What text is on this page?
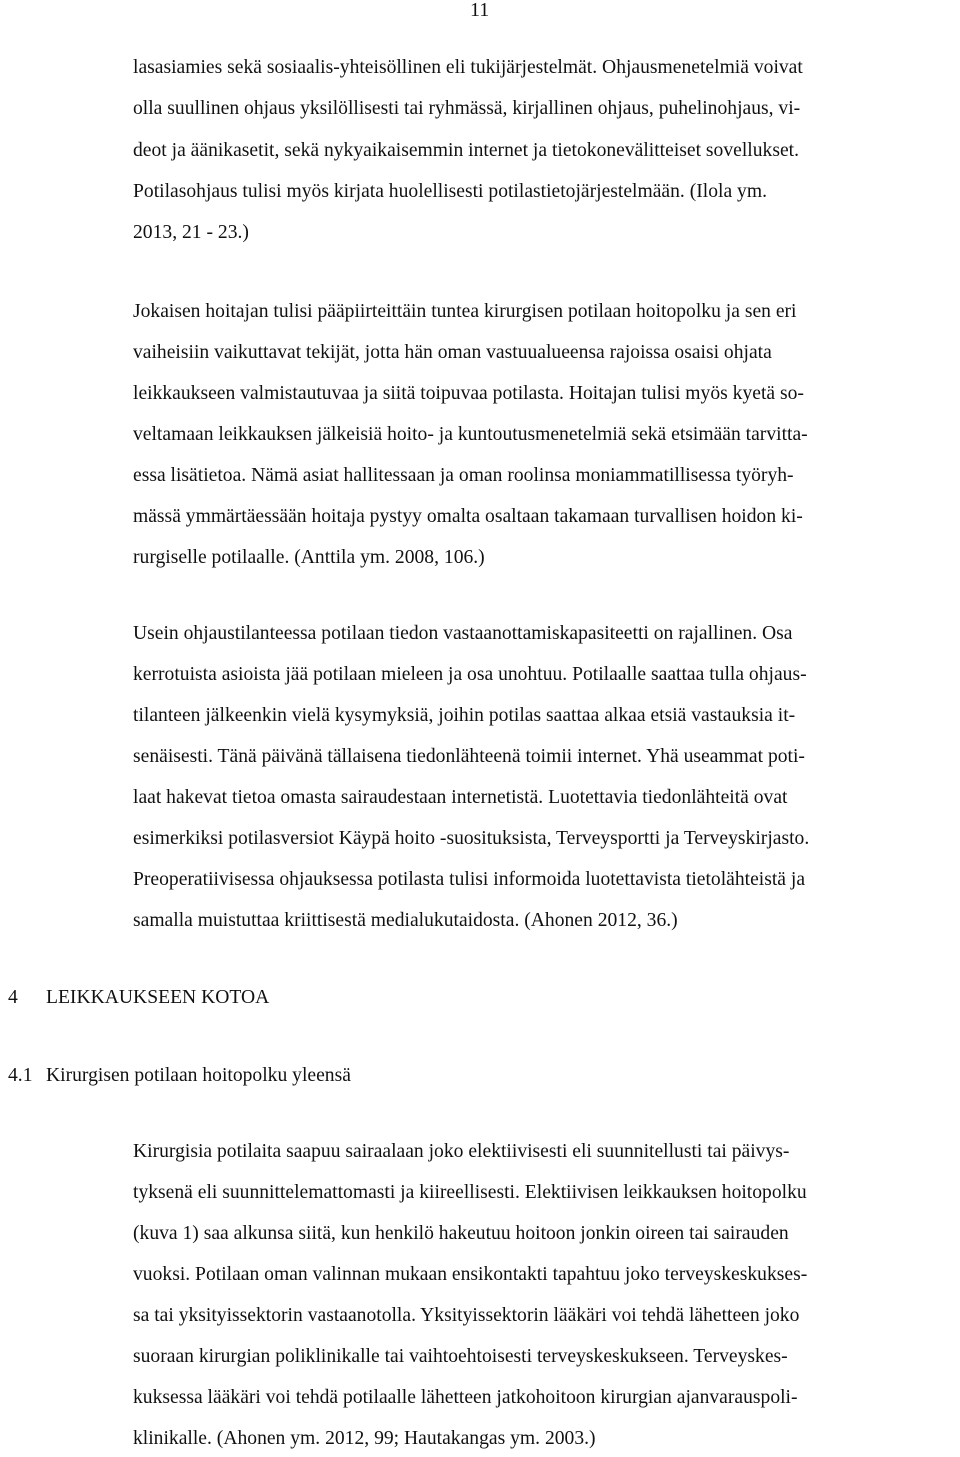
11
lasasiamies sekä sosiaalis-yhteisöllinen eli tukijärjestelmät. Ohjausmenetelmiä voivat
olla suullinen ohjaus yksilöllisesti tai ryhmässä, kirjallinen ohjaus, puhelinohjaus, vi-
deot ja äänikasetit, sekä nykyaikaisemmin internet ja tietokonevälitteiset sovellukset.
Potilasohjaus tulisi myös kirjata huolellisesti potilastietojärjestelmään. (Ilola ym.
2013, 21 - 23.)
Jokaisen hoitajan tulisi pääpiirteittäin tuntea kirurgisen potilaan hoitopolku ja sen eri
vaiheisiin vaikuttavat tekijät, jotta hän oman vastuualueensa rajoissa osaisi ohjata
leikkaukseen valmistautuvaa ja siitä toipuvaa potilasta. Hoitajan tulisi myös kyetä so-
veltamaan leikkauksen jälkeisiä hoito- ja kuntoutusmenetelmiä sekä etsimään tarvitta-
essa lisätietoa. Nämä asiat hallitessaan ja oman roolinsa moniammatillisessa työryh-
mässä ymmärtäessään hoitaja pystyy omalta osaltaan takamaan turvallisen hoidon ki-
rurgiselle potilaalle. (Anttila ym. 2008, 106.)
Usein ohjaustilanteessa potilaan tiedon vastaanottamiskapasiteetti on rajallinen. Osa
kerrotuista asioista jää potilaan mieleen ja osa unohtuu. Potilaalle saattaa tulla ohjaus-
tilanteen jälkeenkin vielä kysymyksiä, joihin potilas saattaa alkaa etsiä vastauksia it-
senäisesti. Tänä päivänä tällaisena tiedonlähteenä toimii internet. Yhä useammat poti-
laat hakevat tietoa omasta sairaudestaan internetistä. Luotettavia tiedonlähteitä ovat
esimerkiksi potilasversiot Käypä hoito -suosituksista, Terveysportti ja Terveyskirjasto.
Preoperatiivisessa ohjauksessa potilasta tulisi informoida luotettavista tietolähteistä ja
samalla muistuttaa kriittisestä medialukutaidosta. (Ahonen 2012, 36.)
4 LEIKKAUKSEEN KOTOA
4.1 Kirurgisen potilaan hoitopolku yleensä
Kirurgisia potilaita saapuu sairaalaan joko elektiivisesti eli suunnitellusti tai päivys-
tyksenä eli suunnittelemattomasti ja kiireellisesti. Elektiivisen leikkauksen hoitopolku
(kuva 1) saa alkunsa siitä, kun henkilö hakeutuu hoitoon jonkin oireen tai sairauden
vuoksi. Potilaan oman valinnan mukaan ensikontakti tapahtuu joko terveyskeskukses-
sa tai yksityissektorin vastaanotolla. Yksityissektorin lääkäri voi tehdä lähetteen joko
suoraan kirurgian poliklinikalle tai vaihtoehtoisesti terveyskeskukseen. Terveyskes-
kuksessa lääkäri voi tehdä potilaalle lähetteen jatkohoitoon kirurgian ajanvarauspoli-
klinikalle. (Ahonen ym. 2012, 99; Hautakangas ym. 2003.)
